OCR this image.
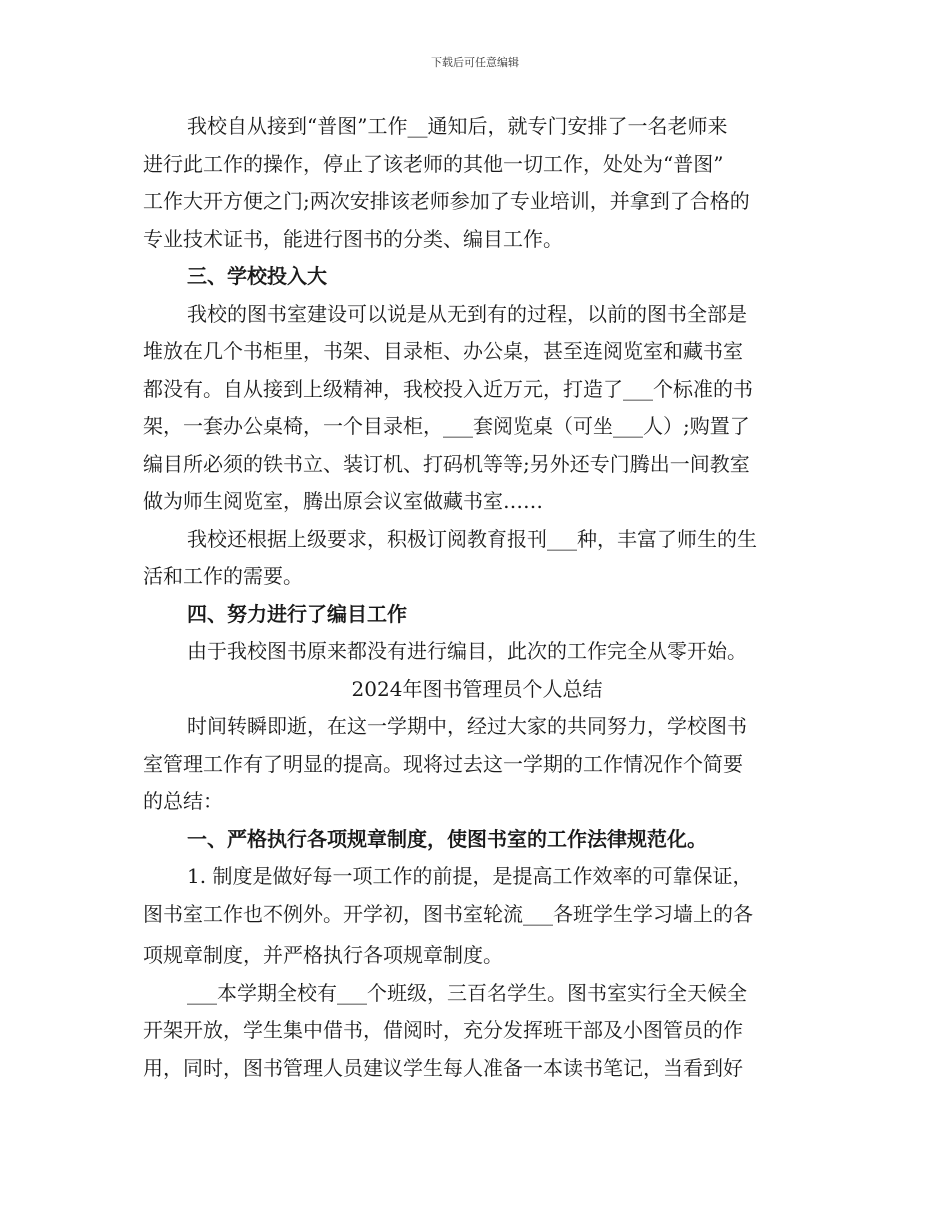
下载后可任意编辑
我校自从接到“普图”工作__通知后，就专门安排了一名老师来
进行此工作的操作，停止了该老师的其他一切工作，处处为“普图”
工作大开方便之门;两次安排该老师参加了专业培训，并拿到了合格的
专业技术证书，能进行图书的分类、编目工作。
三、学校投入大
我校的图书室建设可以说是从无到有的过程，以前的图书全部是
堆放在几个书柜里，书架、目录柜、办公桌，甚至连阅览室和藏书室
都没有。自从接到上级精神，我校投入近万元，打造了___个标准的书
架，一套办公桌椅，一个目录柜，___套阅览桌（可坐___人）;购置了
编目所必须的铁书立、装订机、打码机等等;另外还专门腾出一间教室
做为师生阅览室，腾出原会议室做藏书室……
我校还根据上级要求，积极订阅教育报刊___种，丰富了师生的生
活和工作的需要。
四、努力进行了编目工作
由于我校图书原来都没有进行编目，此次的工作完全从零开始。
2024年图书管理员个人总结
时间转瞬即逝，在这一学期中，经过大家的共同努力，学校图书
室管理工作有了明显的提高。现将过去这一学期的工作情况作个简要
的总结：
一、严格执行各项规章制度，使图书室的工作法律规范化。
1. 制度是做好每一项工作的前提，是提高工作效率的可靠保证，
图书室工作也不例外。开学初，图书室轮流___各班学生学习墙上的各
项规章制度，并严格执行各项规章制度。
___本学期全校有___个班级，三百名学生。图书室实行全天候全
开架开放，学生集中借书，借阅时，充分发挥班干部及小图管员的作
用，同时，图书管理人员建议学生每人准备一本读书笔记，当看到好
